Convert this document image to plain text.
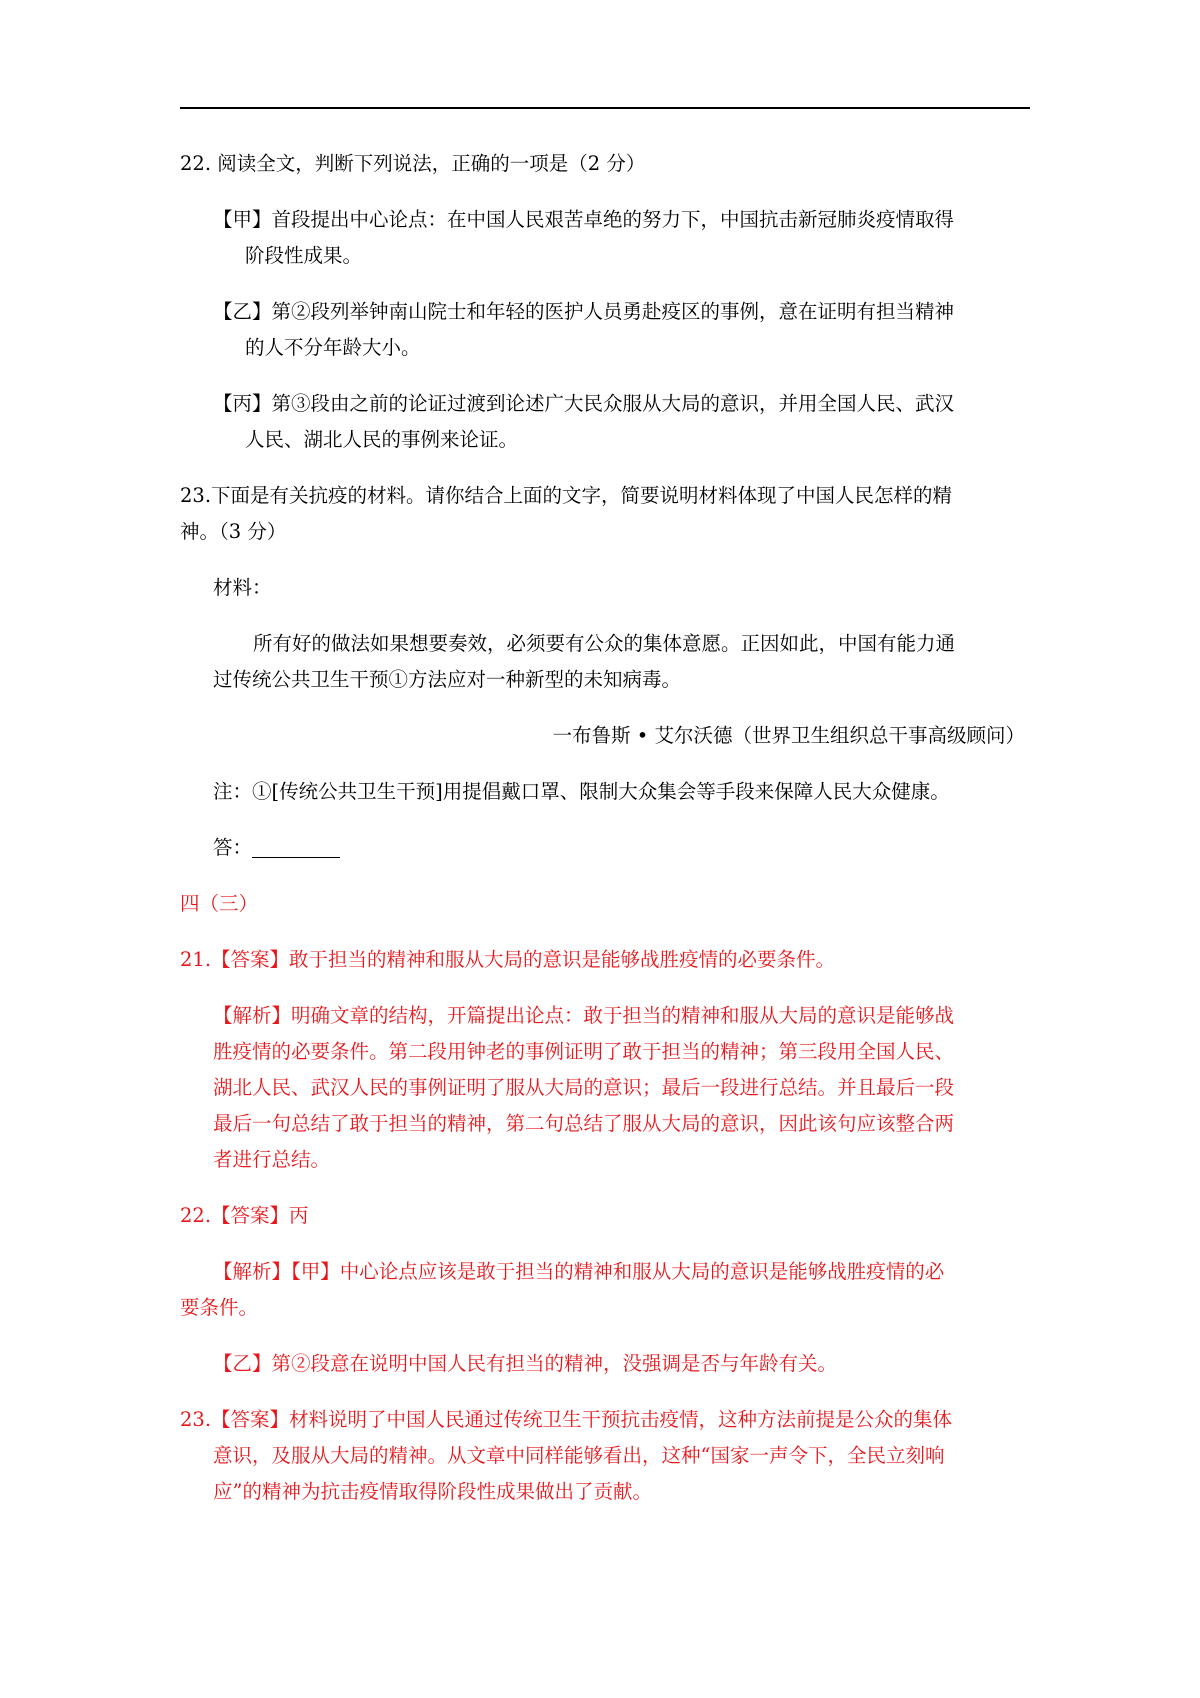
22. 阅读全文，判断下列说法，正确的一项是（2 分）
【甲】首段提出中心论点：在中国人民艰苦卓绝的努力下，中国抗击新冠肺炎疫情取得
阶段性成果。
【乙】第②段列举钟南山院士和年轻的医护人员勇赴疫区的事例，意在证明有担当精神
的人不分年龄大小。
【丙】第③段由之前的论证过渡到论述广大民众服从大局的意识，并用全国人民、武汉
人民、湖北人民的事例来论证。
23.下面是有关抗疫的材料。请你结合上面的文字，简要说明材料体现了中国人民怎样的精
神。（3 分）
材料：
所有好的做法如果想要奏效，必须要有公众的集体意愿。正因如此，中国有能力通
过传统公共卫生干预①方法应对一种新型的未知病毒。
一布鲁斯 • 艾尔沃德（世界卫生组织总干事高级顾问）
注：①[传统公共卫生干预]用提倡戴口罩、限制大众集会等手段来保障人民大众健康。
答：
四（三）
21.【答案】敢于担当的精神和服从大局的意识是能够战胜疫情的必要条件。
【解析】明确文章的结构，开篇提出论点：敢于担当的精神和服从大局的意识是能够战
胜疫情的必要条件。第二段用钟老的事例证明了敢于担当的精神；第三段用全国人民、
湖北人民、武汉人民的事例证明了服从大局的意识；最后一段进行总结。并且最后一段
最后一句总结了敢于担当的精神，第二句总结了服从大局的意识，因此该句应该整合两
者进行总结。
22.【答案】丙
【解析】【甲】中心论点应该是敢于担当的精神和服从大局的意识是能够战胜疫情的必
要条件。
【乙】第②段意在说明中国人民有担当的精神，没强调是否与年龄有关。
23.【答案】材料说明了中国人民通过传统卫生干预抗击疫情，这种方法前提是公众的集体
意识，及服从大局的精神。从文章中同样能够看出，这种“国家一声令下，全民立刻响
应”的精神为抗击疫情取得阶段性成果做出了贡献。
